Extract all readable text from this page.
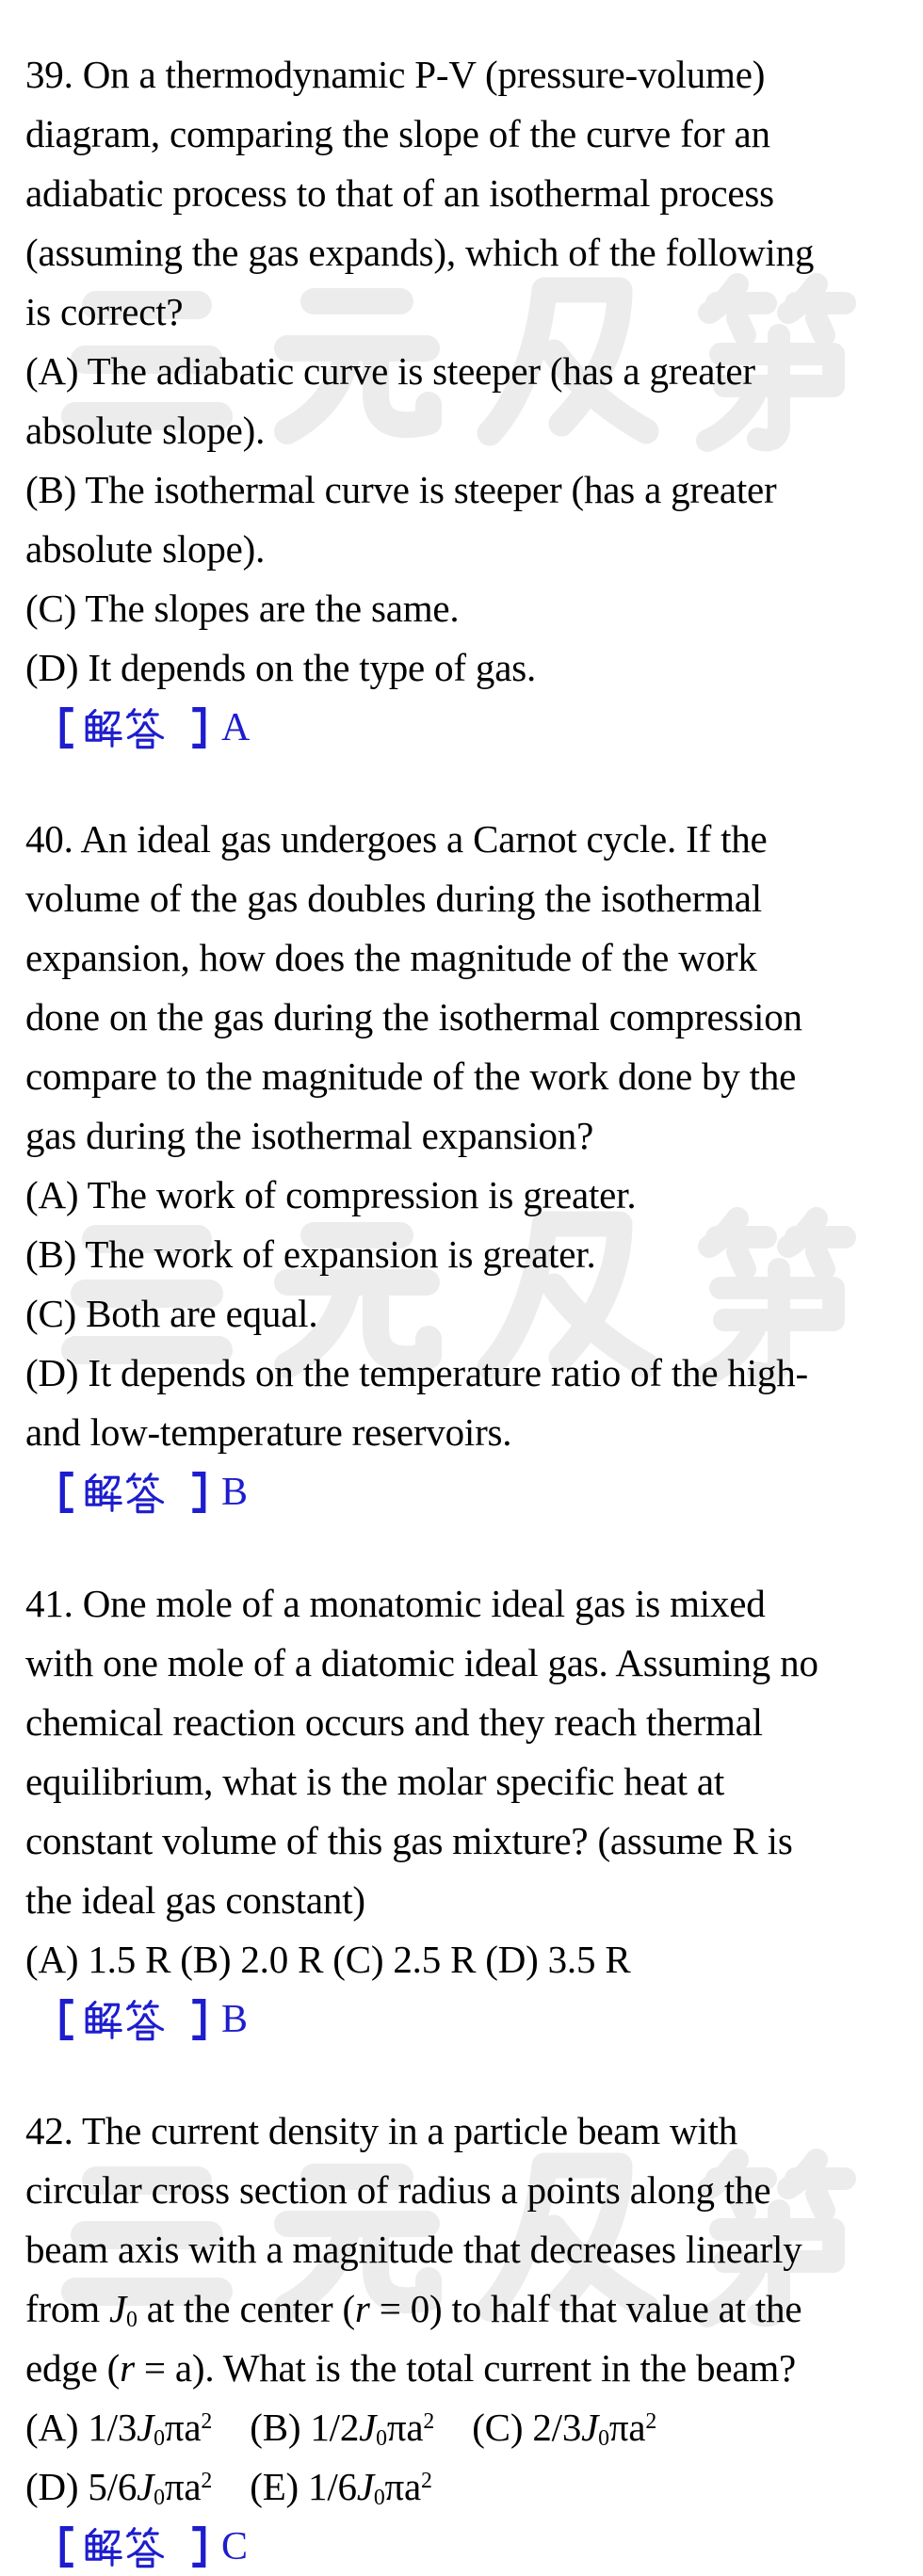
39. On a thermodynamic P-V (pressure-volume)
diagram, comparing the slope of the curve for an
adiabatic process to that of an isothermal process
(assuming the gas expands), which of the following
is correct?
(A) The adiabatic curve is steeper (has a greater
absolute slope).
(B) The isothermal curve is steeper (has a greater
absolute slope).
(C) The slopes are the same.
(D) It depends on the type of gas.
A
40. An ideal gas undergoes a Carnot cycle. If the
volume of the gas doubles during the isothermal
expansion, how does the magnitude of the work
done on the gas during the isothermal compression
compare to the magnitude of the work done by the
gas during the isothermal expansion?
(A) The work of compression is greater.
(B) The work of expansion is greater.
(C) Both are equal.
(D) It depends on the temperature ratio of the high-
and low-temperature reservoirs.
B
41. One mole of a monatomic ideal gas is mixed
with one mole of a diatomic ideal gas. Assuming no
chemical reaction occurs and they reach thermal
equilibrium, what is the molar specific heat at
constant volume of this gas mixture? (assume R is
the ideal gas constant)
(A) 1.5 R (B) 2.0 R (C) 2.5 R (D) 3.5 R
B
42. The current density in a particle beam with
circular cross section of radius a points along the
beam axis with a magnitude that decreases linearly
from $J_0$ at the center (r = 0) to half that value at the
edge (r = a). What is the total current in the beam?
(A) $1/3J_0\pi a^2$    (B) $1/2J_0\pi a^2$    (C) $2/3J_0\pi a^2$
(D) $5/6J_0\pi a^2$    (E) $1/6J_0\pi a^2$
C
